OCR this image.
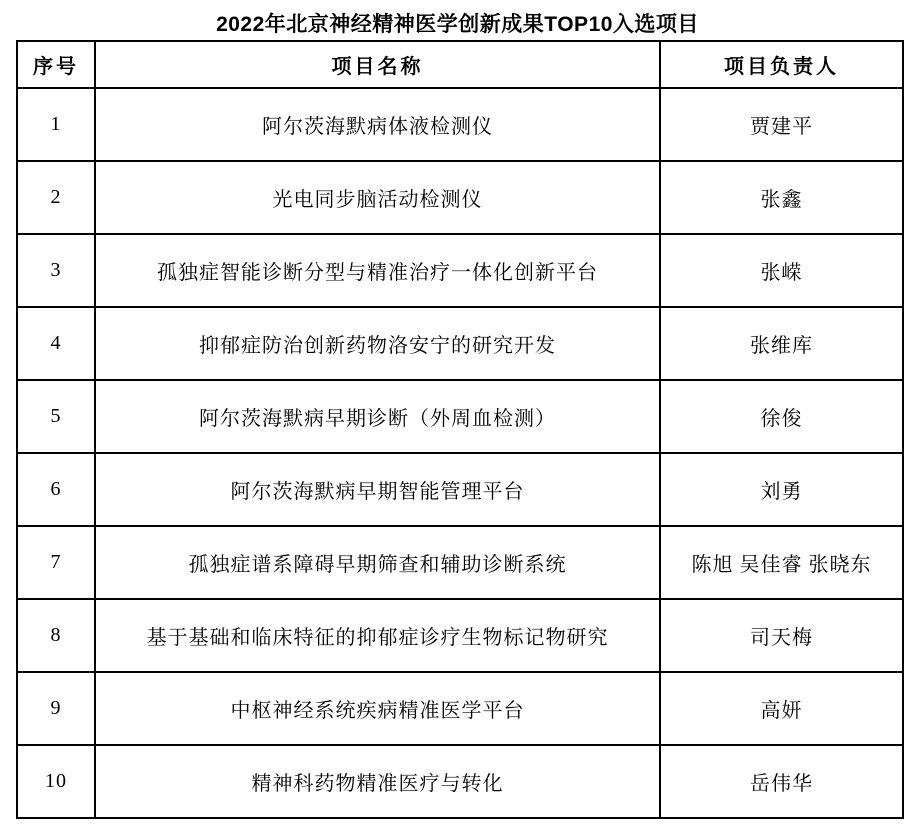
2022年北京神经精神医学创新成果TOP10入选项目
序号	项目名称	项目负责人
1	阿尔茨海默病体液检测仪	贾建平
2	光电同步脑活动检测仪	张鑫
3	孤独症智能诊断分型与精准治疗一体化创新平台	张嵘
4	抑郁症防治创新药物洛安宁的研究开发	张维库
5	阿尔茨海默病早期诊断（外周血检测）	徐俊
6	阿尔茨海默病早期智能管理平台	刘勇
7	孤独症谱系障碍早期筛查和辅助诊断系统	陈旭 吴佳睿 张晓东
8	基于基础和临床特征的抑郁症诊疗生物标记物研究	司天梅
9	中枢神经系统疾病精准医学平台	高妍
10	精神科药物精准医疗与转化	岳伟华
